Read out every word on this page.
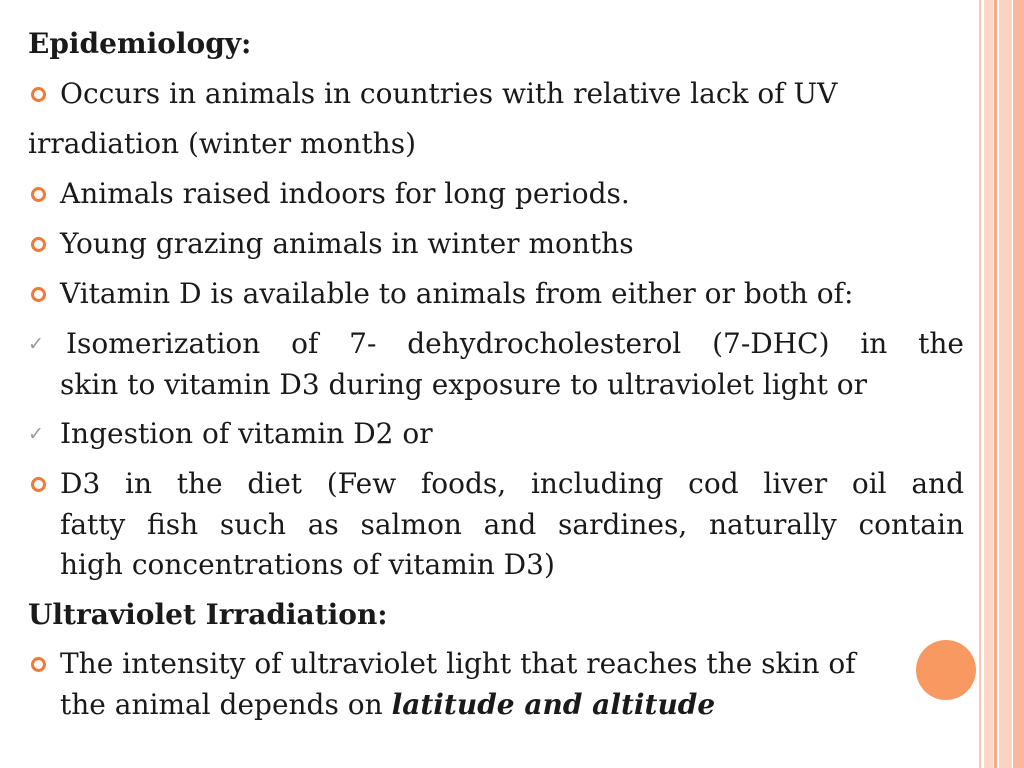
Epidemiology:
Occurs in animals in countries with relative lack of UV
irradiation (winter months)
Animals raised indoors for long periods.
Young grazing animals in winter months
Vitamin D is available to animals from either or both of:
✓ Isomerization of 7- dehydrocholesterol (7-DHC) in the
skin to vitamin D3 during exposure to ultraviolet light or
✓ Ingestion of vitamin D2 or
D3 in the diet (Few foods, including cod liver oil and
fatty fish such as salmon and sardines, naturally contain
high concentrations of vitamin D3)
Ultraviolet Irradiation:
The intensity of ultraviolet light that reaches the skin of
the animal depends on latitude and altitude
